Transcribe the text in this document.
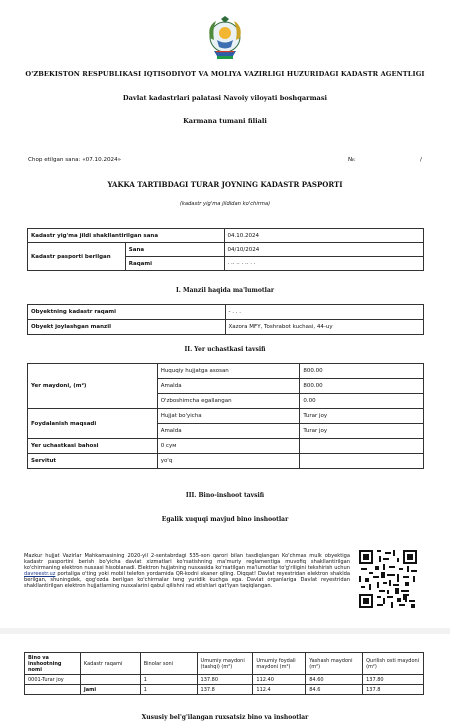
O'ZBEKISTON RESPUBLIKASI IQTISODIYOT VA MOLIYA VAZIRLIGI HUZURIDAGI KADASTR AGENTLIGI
Davlat kadastrlari palatasi Navoiy viloyati boshqarmasi
Karmana tumani filiali
Chop etilgan sana: «07.10.2024»	№:	/
YAKKA TARTIBDAGI TURAR JOYNING KADASTR PASPORTI
(kadastr yig'ma jildidan ko'chirma)
Kadastr yig'ma jildi shakllantirilgan sana		04.10.2024
Kadastr pasporti berilgan	Sana	04/10/2024
	Raqami	· ·· ·· · ·· · ·
I. Manzil haqida ma'lumotlar
Obyektning kadastr raqami	- . . .
Obyekt joylashgan manzil	Xazora MFY, Toshrabot kuchasi, 44-uy
II. Yer uchastkasi tavsifi
Yer maydoni, (m²)	Huquqiy hujjatga asosan	800.00
	Amalda	800.00
	O'zboshimcha egallangan	0.00
Foydalanish maqsadi	Hujjat bo'yicha	Turar joy
	Amalda	Turar joy
Yer uchastkasi bahosi	0 сум	
Servitut	yo'q	
III. Bino-inshoot tavsifi
Egalik xuquqi mavjud bino inshootlar
Mazkur hujjat Vazirlar Mahkamasining 2020-yil 2-sentabrdagi 535-son qarori bilan tasdiqlangan Ko'chmas mulk obyektiga kadastr pasportini berish bo'yicha davlat xizmatlari ko'rsatishning ma'muriy reglamentiga muvofiq shakllantirilgan ko'chirmaning elektron nusxasi hisoblanadi. Elektron hujjatning nusxasida ko'rsatilgan ma'lumotlar to'g'riligini tekshirish uchun davreestr.uz portaliga o'ting yoki mobil telefon yordamida QR-kodni skaner qiling. Diqqat! Davlat reyestridan elektron shaklda berilgan, shuningdek, qog'ozda berilgan ko'chirmalar teng yuridik kuchga ega. Davlat organlariga Davlat reyestridan shakllantirilgan elektron hujjatlarning nusxalarini qabul qilishni rad etishlari qat'iyan taqiqlangan.
Bino va inshootning nomi	Kadastr raqami	Binolar soni	Umumiy maydoni (tashqi) (m²)	Umumiy foydali maydoni (m²)	Yashash maydoni (m²)	Qurilish osti maydoni (m²)
0001-Turar joy		1	137.80	112.40	84.60	137.80
	Jami	1	137.8	112.4	84.6	137.8
Xususiy bel'g'ilangan ruxsatsiz bino va inshootlar
